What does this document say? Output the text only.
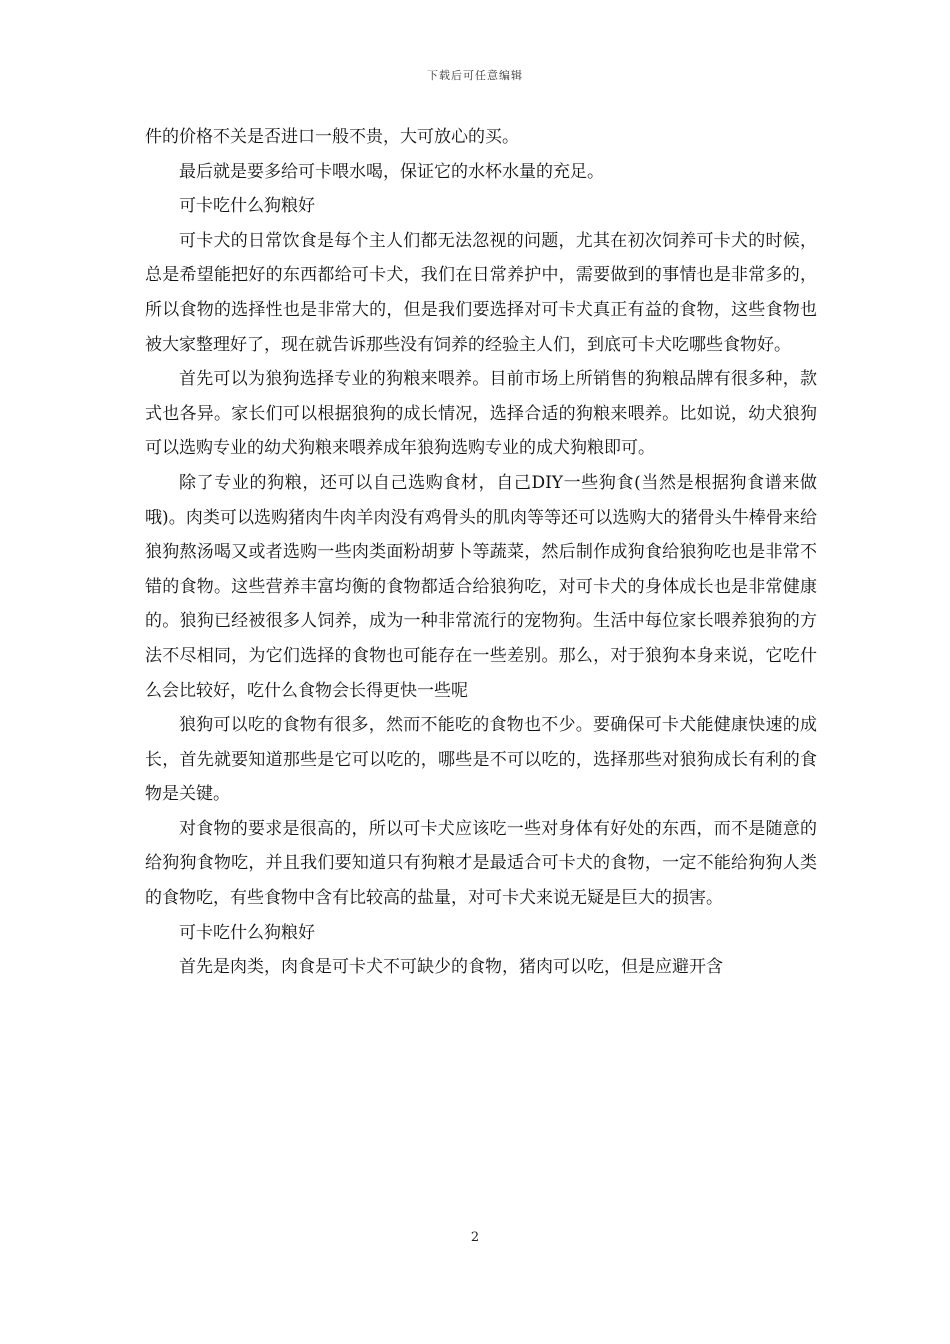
下载后可任意编辑

件的价格不关是否进口一般不贵，大可放心的买。

最后就是要多给可卡喂水喝，保证它的水杯水量的充足。

可卡吃什么狗粮好

可卡犬的日常饮食是每个主人们都无法忽视的问题，尤其在初次饲养可卡犬的时候，总是希望能把好的东西都给可卡犬，我们在日常养护中，需要做到的事情也是非常多的，所以食物的选择性也是非常大的，但是我们要选择对可卡犬真正有益的食物，这些食物也被大家整理好了，现在就告诉那些没有饲养的经验主人们，到底可卡犬吃哪些食物好。

首先可以为狼狗选择专业的狗粮来喂养。目前市场上所销售的狗粮品牌有很多种，款式也各异。家长们可以根据狼狗的成长情况，选择合适的狗粮来喂养。比如说，幼犬狼狗可以选购专业的幼犬狗粮来喂养成年狼狗选购专业的成犬狗粮即可。

除了专业的狗粮，还可以自己选购食材，自己DIY一些狗食(当然是根据狗食谱来做哦)。肉类可以选购猪肉牛肉羊肉没有鸡骨头的肌肉等等还可以选购大的猪骨头牛棒骨来给狼狗熬汤喝又或者选购一些肉类面粉胡萝卜等蔬菜，然后制作成狗食给狼狗吃也是非常不错的食物。这些营养丰富均衡的食物都适合给狼狗吃，对可卡犬的身体成长也是非常健康的。狼狗已经被很多人饲养，成为一种非常流行的宠物狗。生活中每位家长喂养狼狗的方法不尽相同，为它们选择的食物也可能存在一些差别。那么，对于狼狗本身来说，它吃什么会比较好，吃什么食物会长得更快一些呢

狼狗可以吃的食物有很多，然而不能吃的食物也不少。要确保可卡犬能健康快速的成长，首先就要知道那些是它可以吃的，哪些是不可以吃的，选择那些对狼狗成长有利的食物是关键。

对食物的要求是很高的，所以可卡犬应该吃一些对身体有好处的东西，而不是随意的给狗狗食物吃，并且我们要知道只有狗粮才是最适合可卡犬的食物，一定不能给狗狗人类的食物吃，有些食物中含有比较高的盐量，对可卡犬来说无疑是巨大的损害。

可卡吃什么狗粮好

首先是肉类，肉食是可卡犬不可缺少的食物，猪肉可以吃，但是应避开含

2
